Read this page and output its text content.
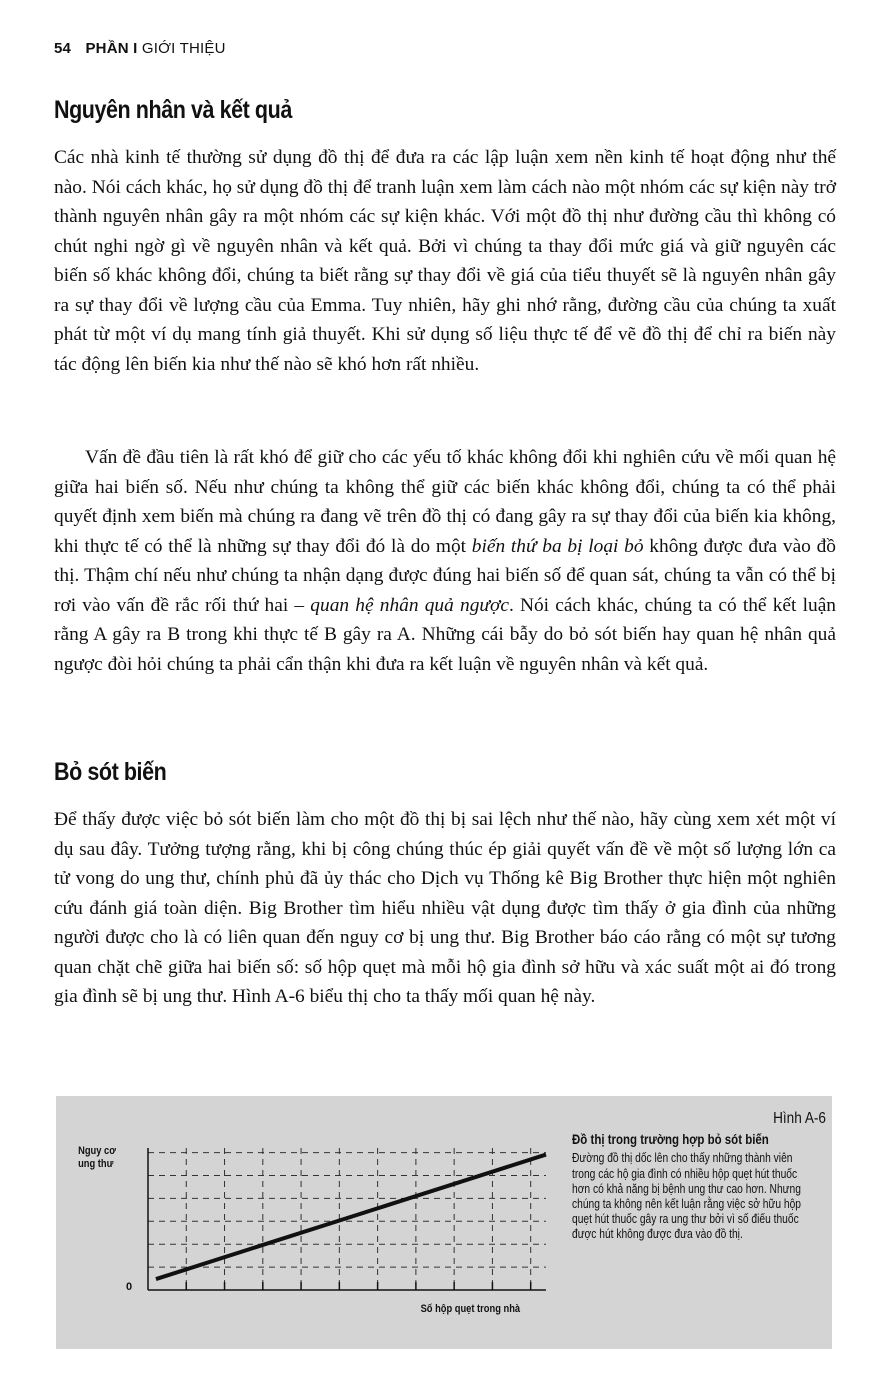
54 PHẦN I GIỚI THIỆU
Nguyên nhân và kết quả

Các nhà kinh tế thường sử dụng đồ thị để đưa ra các lập luận xem nền kinh tế hoạt động như thế nào. Nói cách khác, họ sử dụng đồ thị để tranh luận xem làm cách nào một nhóm các sự kiện này trở thành nguyên nhân gây ra một nhóm các sự kiện khác. Với một đồ thị như đường cầu thì không có chút nghi ngờ gì về nguyên nhân và kết quả. Bởi vì chúng ta thay đổi mức giá và giữ nguyên các biến số khác không đổi, chúng ta biết rằng sự thay đổi về giá của tiểu thuyết sẽ là nguyên nhân gây ra sự thay đổi về lượng cầu của Emma. Tuy nhiên, hãy ghi nhớ rằng, đường cầu của chúng ta xuất phát từ một ví dụ mang tính giả thuyết. Khi sử dụng số liệu thực tế để vẽ đồ thị để chỉ ra biến này tác động lên biến kia như thế nào sẽ khó hơn rất nhiều.

Vấn đề đầu tiên là rất khó để giữ cho các yếu tố khác không đổi khi nghiên cứu về mối quan hệ giữa hai biến số. Nếu như chúng ta không thể giữ các biến khác không đổi, chúng ta có thể phải quyết định xem biến mà chúng ra đang vẽ trên đồ thị có đang gây ra sự thay đổi của biến kia không, khi thực tế có thể là những sự thay đổi đó là do một biến thứ ba bị loại bỏ không được đưa vào đồ thị. Thậm chí nếu như chúng ta nhận dạng được đúng hai biến số để quan sát, chúng ta vẫn có thể bị rơi vào vấn đề rắc rối thứ hai – quan hệ nhân quả ngược. Nói cách khác, chúng ta có thể kết luận rằng A gây ra B trong khi thực tế B gây ra A. Những cái bẫy do bỏ sót biến hay quan hệ nhân quả ngược đòi hỏi chúng ta phải cẩn thận khi đưa ra kết luận về nguyên nhân và kết quả.

Bỏ sót biến

Để thấy được việc bỏ sót biến làm cho một đồ thị bị sai lệch như thế nào, hãy cùng xem xét một ví dụ sau đây. Tưởng tượng rằng, khi bị công chúng thúc ép giải quyết vấn đề về một số lượng lớn ca tử vong do ung thư, chính phủ đã ủy thác cho Dịch vụ Thống kê Big Brother thực hiện một nghiên cứu đánh giá toàn diện. Big Brother tìm hiểu nhiều vật dụng được tìm thấy ở gia đình của những người được cho là có liên quan đến nguy cơ bị ung thư. Big Brother báo cáo rằng có một sự tương quan chặt chẽ giữa hai biến số: số hộp quẹt mà mỗi hộ gia đình sở hữu và xác suất một ai đó trong gia đình sẽ bị ung thư. Hình A-6 biểu thị cho ta thấy mối quan hệ này.

Nguy cơ
ung thư
0
Số hộp quẹt trong nhà
Hình A-6
Đồ thị trong trường hợp bỏ sót biến
Đường đồ thị dốc lên cho thấy những thành viên trong các hộ gia đình có nhiều hộp quẹt hút thuốc hơn có khả năng bị bệnh ung thư cao hơn. Nhưng chúng ta không nên kết luận rằng việc sở hữu hộp quẹt hút thuốc gây ra ung thư bởi vì số điếu thuốc được hút không được đưa vào đồ thị.
